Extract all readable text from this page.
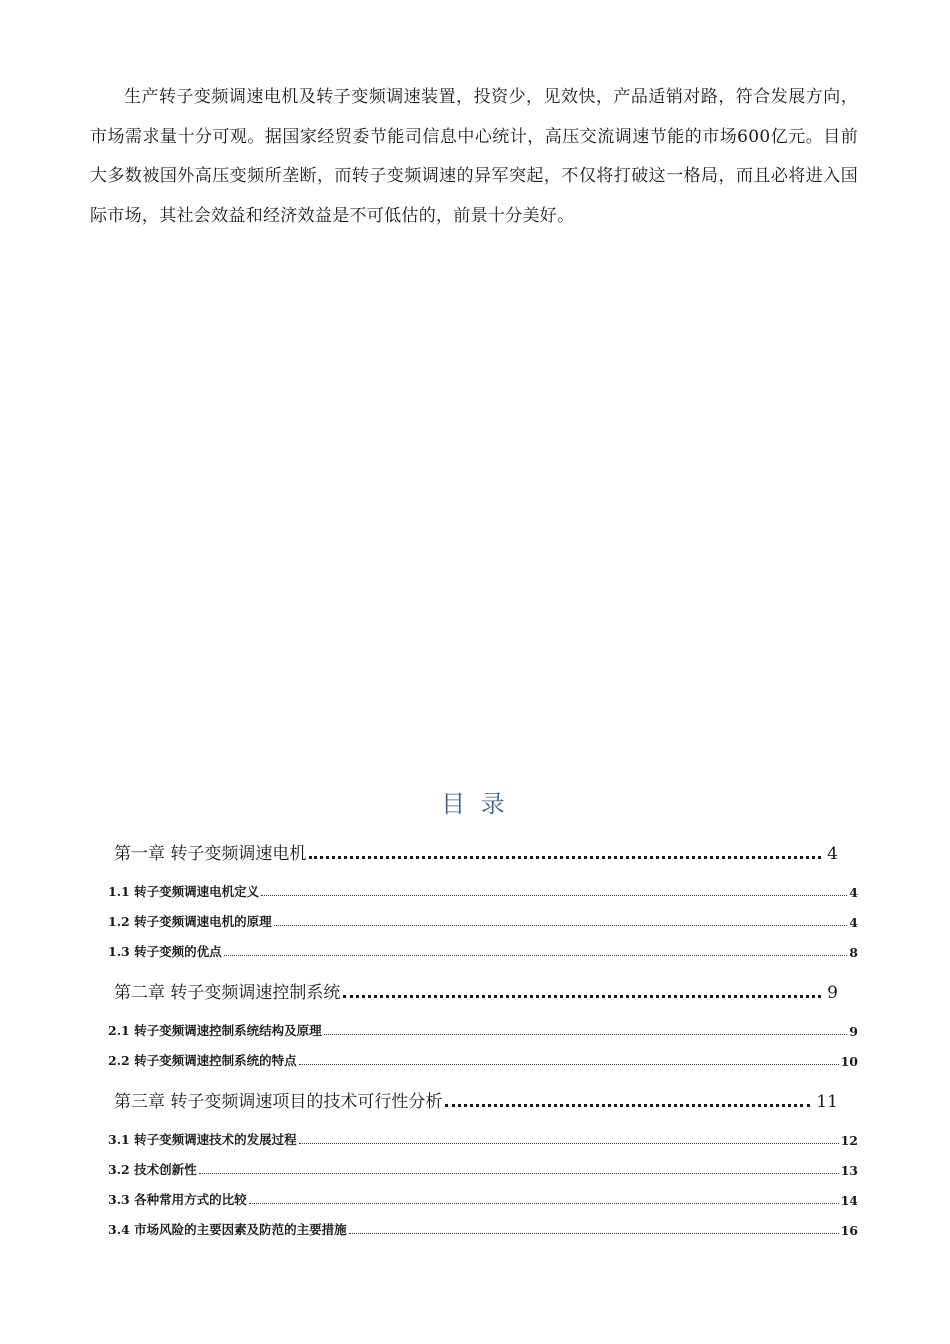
生产转子变频调速电机及转子变频调速装置，投资少，见效快，产品适销对路，符合发展方向，市场需求量十分可观。据国家经贸委节能司信息中心统计，高压交流调速节能的市场600亿元。目前大多数被国外高压变频所垄断，而转子变频调速的异军突起，不仅将打破这一格局，而且必将进入国际市场，其社会效益和经济效益是不可低估的，前景十分美好。

目 录
第一章 转子变频调速电机	4
1.1 转子变频调速电机定义	4
1.2 转子变频调速电机的原理	4
1.3 转子变频的优点	8
第二章 转子变频调速控制系统	9
2.1 转子变频调速控制系统结构及原理	9
2.2 转子变频调速控制系统的特点	10
第三章 转子变频调速项目的技术可行性分析	11
3.1 转子变频调速技术的发展过程	12
3.2 技术创新性	13
3.3 各种常用方式的比较	14
3.4 市场风险的主要因素及防范的主要措施	16
